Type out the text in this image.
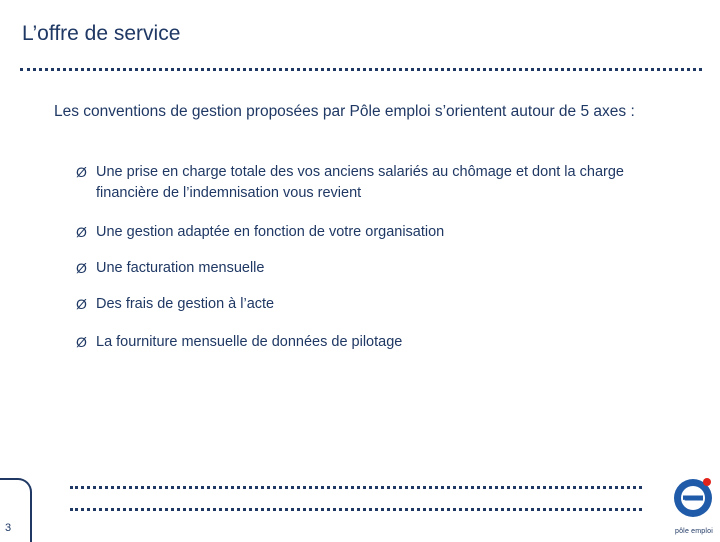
L’offre de service
Les conventions de gestion proposées par Pôle emploi s’orientent autour de 5 axes :
Ø Une prise en charge totale des vos anciens salariés au chômage et dont la charge financière de l’indemnisation vous revient
Ø Une gestion adaptée en fonction de votre organisation
Ø Une facturation mensuelle
Ø Des frais de gestion à l’acte
Ø La fourniture mensuelle de données de pilotage
3	pôle emploi
